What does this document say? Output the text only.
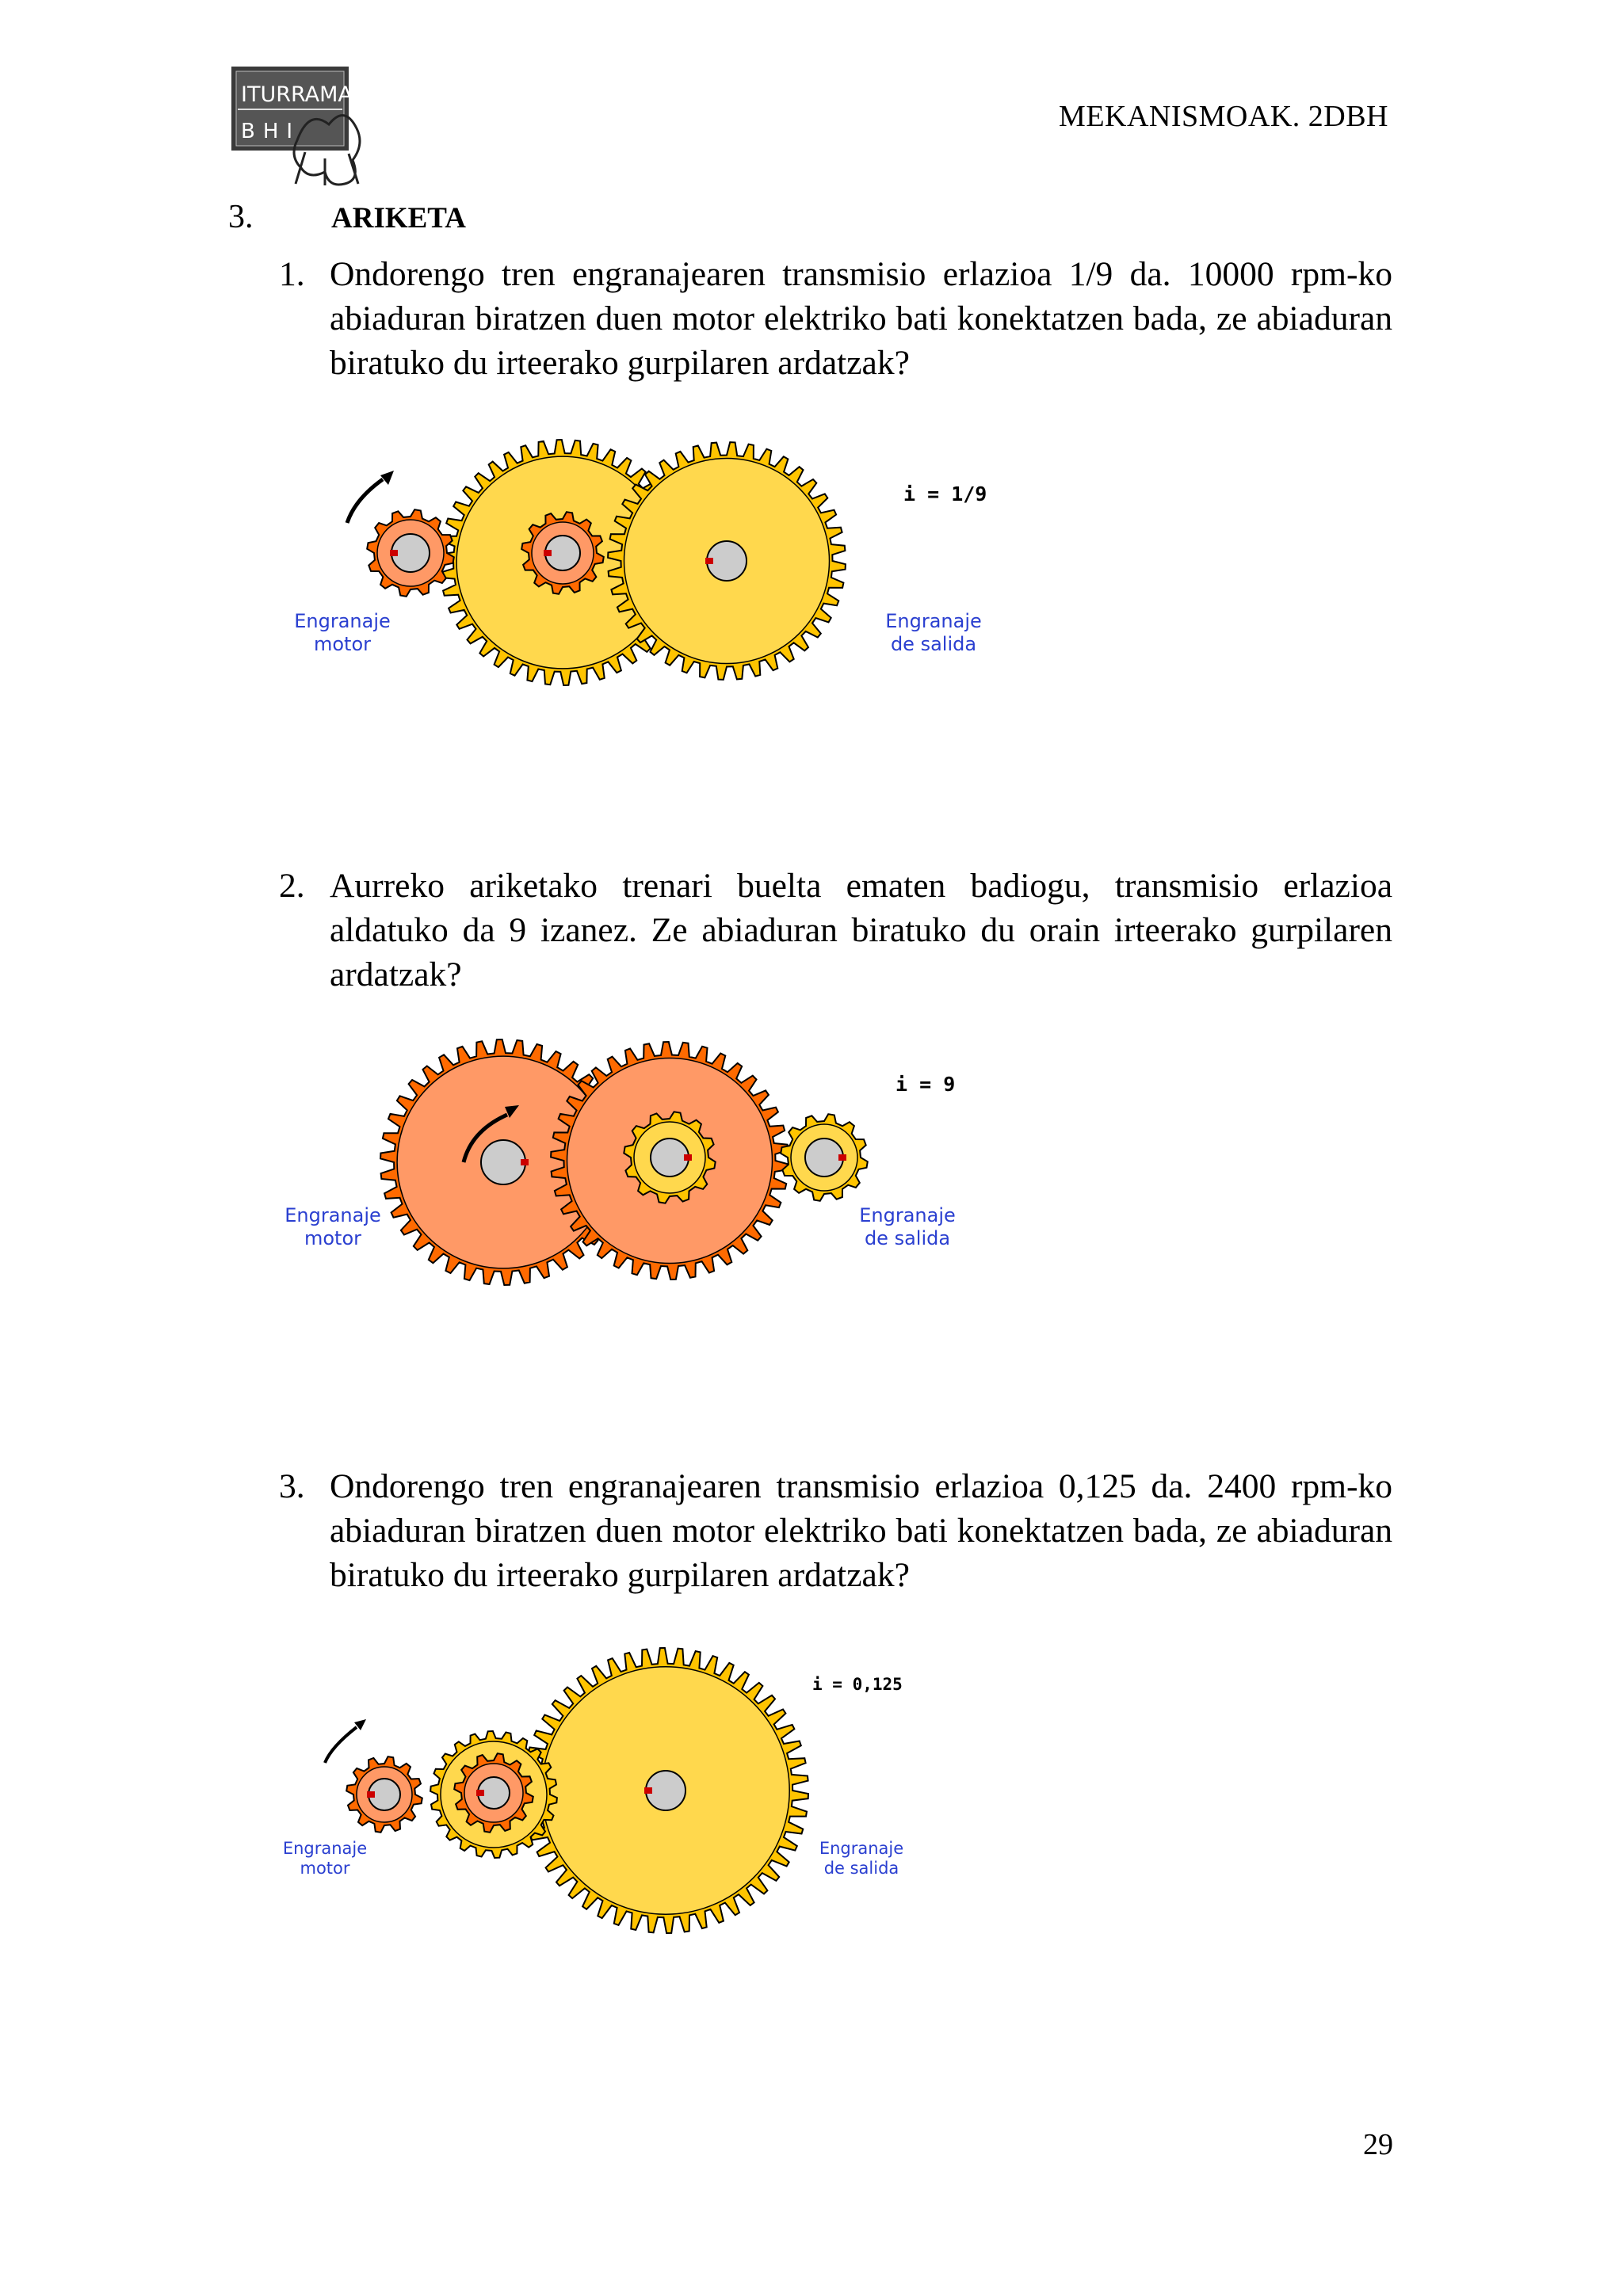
ITURRAMA
BHI	MEKANISMOAK. 2DBH
3.	ARIKETA
1. Ondorengo tren engranajearen transmisio erlazioa 1/9 da. 10000 rpm-ko abiaduran biratzen duen motor elektriko bati konektatzen bada, ze abiaduran biratuko du irteerako gurpilaren ardatzak?
i = 1/9
Engranaje
motor
Engranaje
de salida
2. Aurreko ariketako trenari buelta ematen badiogu, transmisio erlazioa aldatuko da 9 izanez. Ze abiaduran biratuko du orain irteerako gurpilaren ardatzak?
i = 9
Engranaje
motor
Engranaje
de salida
3. Ondorengo tren engranajearen transmisio erlazioa 0,125 da. 2400 rpm-ko abiaduran biratzen duen motor elektriko bati konektatzen bada, ze abiaduran biratuko du irteerako gurpilaren ardatzak?
i = 0,125
Engranaje
motor
Engranaje
de salida
29
